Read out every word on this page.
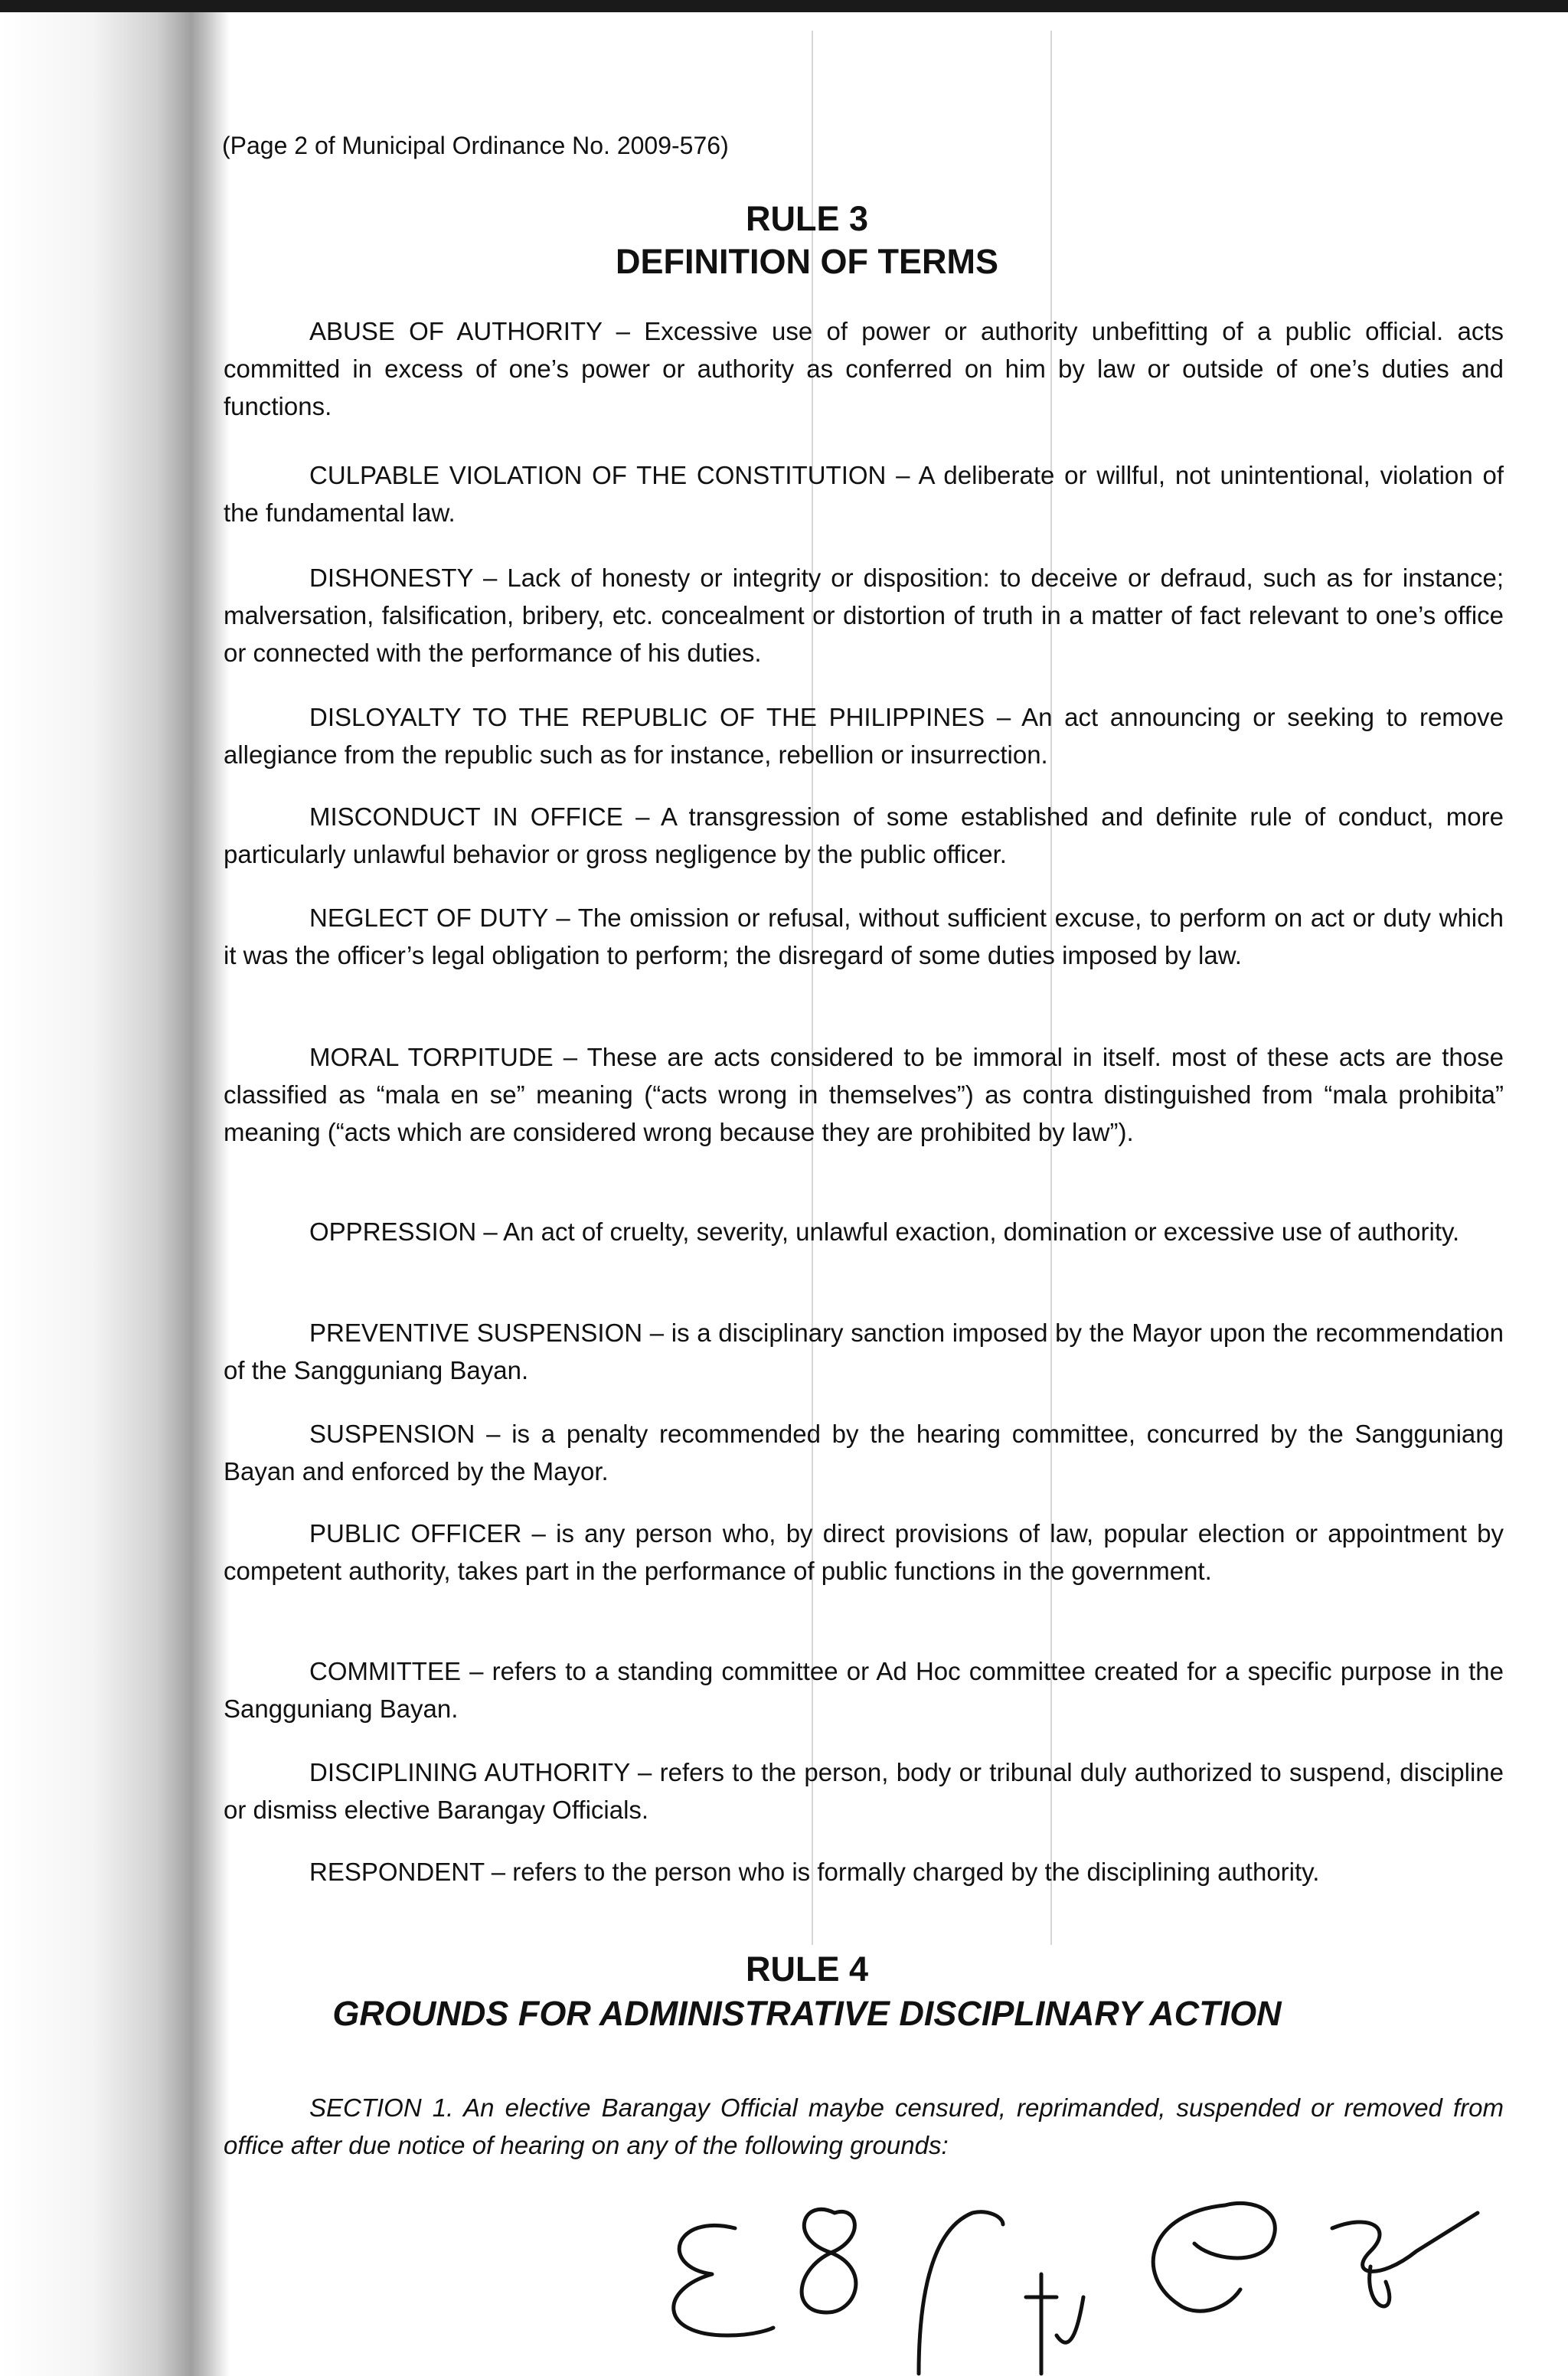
(Page 2 of Municipal Ordinance No. 2009-576)
RULE 3
DEFINITION OF TERMS

ABUSE OF AUTHORITY – Excessive use of power or authority unbefitting of a public official. acts committed in excess of one’s power or authority as conferred on him by law or outside of one’s duties and functions.

CULPABLE VIOLATION OF THE CONSTITUTION – A deliberate or willful, not unintentional, violation of the fundamental law.

DISHONESTY – Lack of honesty or integrity or disposition: to deceive or defraud, such as for instance; malversation, falsification, bribery, etc. concealment or distortion of truth in a matter of fact relevant to one’s office or connected with the performance of his duties.

DISLOYALTY TO THE REPUBLIC OF THE PHILIPPINES – An act announcing or seeking to remove allegiance from the republic such as for instance, rebellion or insurrection.

MISCONDUCT IN OFFICE – A transgression of some established and definite rule of conduct, more particularly unlawful behavior or gross negligence by the public officer.

NEGLECT OF DUTY – The omission or refusal, without sufficient excuse, to perform on act or duty which it was the officer’s legal obligation to perform; the disregard of some duties imposed by law.

MORAL TORPITUDE – These are acts considered to be immoral in itself. most of these acts are those classified as “mala en se” meaning (“acts wrong in themselves”) as contra distinguished from “mala prohibita” meaning (“acts which are considered wrong because they are prohibited by law”).

OPPRESSION – An act of cruelty, severity, unlawful exaction, domination or excessive use of authority.

PREVENTIVE SUSPENSION – is a disciplinary sanction imposed by the Mayor upon the recommendation of the Sangguniang Bayan.

SUSPENSION – is a penalty recommended by the hearing committee, concurred by the Sangguniang Bayan and enforced by the Mayor.

PUBLIC OFFICER – is any person who, by direct provisions of law, popular election or appointment by competent authority, takes part in the performance of public functions in the government.

COMMITTEE – refers to a standing committee or Ad Hoc committee created for a specific purpose in the Sangguniang Bayan.

DISCIPLINING AUTHORITY – refers to the person, body or tribunal duly authorized to suspend, discipline or dismiss elective Barangay Officials.

RESPONDENT – refers to the person who is formally charged by the disciplining authority.

RULE 4
GROUNDS FOR ADMINISTRATIVE DISCIPLINARY ACTION

SECTION 1. An elective Barangay Official maybe censured, reprimanded, suspended or removed from office after due notice of hearing on any of the following grounds:
